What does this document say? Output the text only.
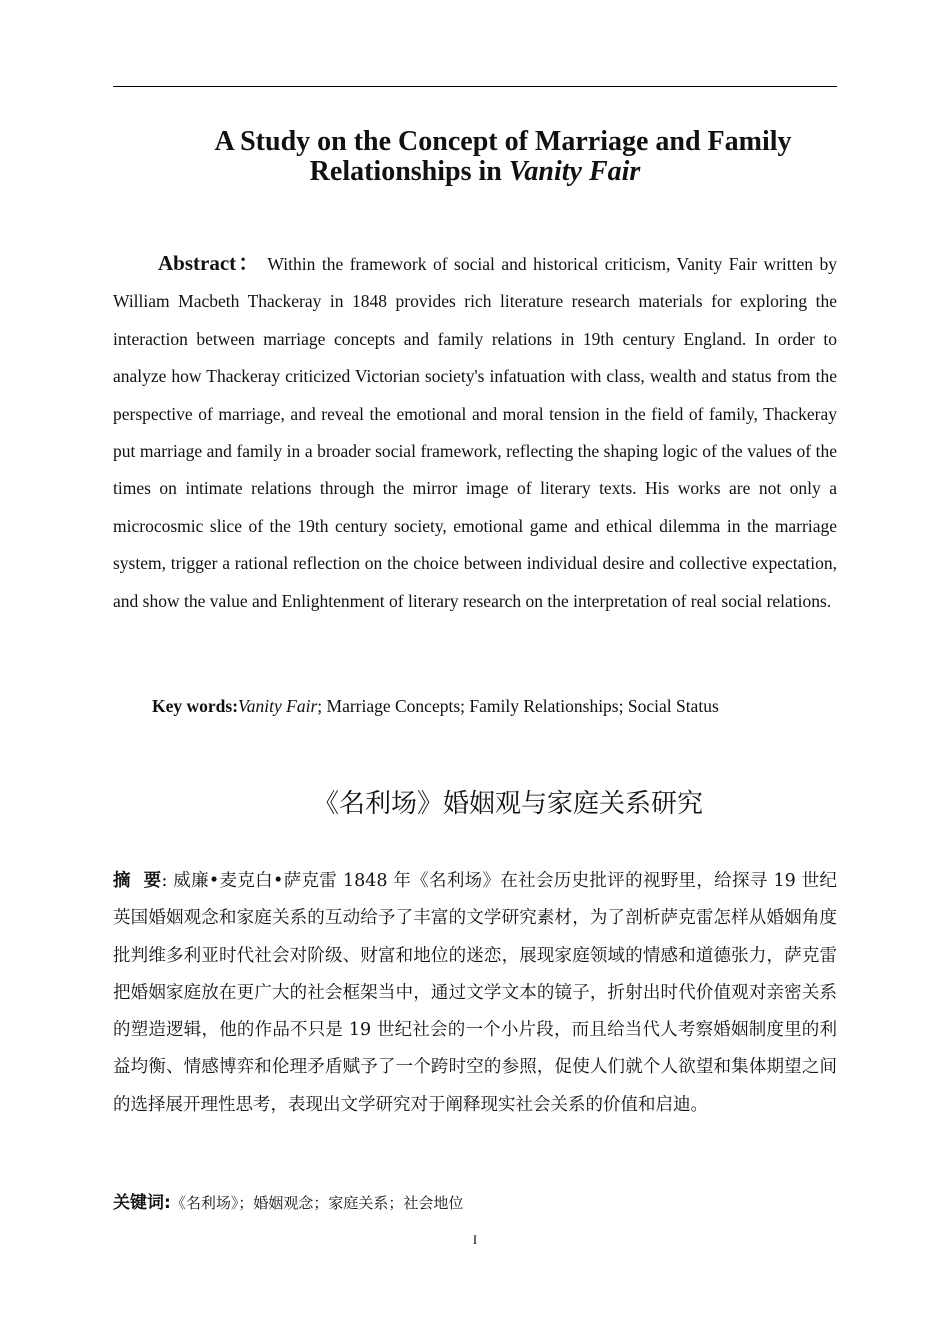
A Study on the Concept of Marriage and Family
Relationships in Vanity Fair
Abstract： Within the framework of social and historical criticism, Vanity Fair written by William Macbeth Thackeray in 1848 provides rich literature research materials for exploring the interaction between marriage concepts and family relations in 19th century England. In order to analyze how Thackeray criticized Victorian society's infatuation with class, wealth and status from the perspective of marriage, and reveal the emotional and moral tension in the field of family, Thackeray put marriage and family in a broader social framework, reflecting the shaping logic of the values of the times on intimate relations through the mirror image of literary texts. His works are not only a microcosmic slice of the 19th century society, emotional game and ethical dilemma in the marriage system, trigger a rational reflection on the choice between individual desire and collective expectation, and show the value and Enlightenment of literary research on the interpretation of real social relations.
Key words:Vanity Fair; Marriage Concepts; Family Relationships; Social Status
《名利场》婚姻观与家庭关系研究
摘  要: 威廉•麦克白•萨克雷 1848 年《名利场》在社会历史批评的视野里，给探寻 19 世纪英国婚姻观念和家庭关系的互动给予了丰富的文学研究素材，为了剖析萨克雷怎样从婚姻角度批判维多利亚时代社会对阶级、财富和地位的迷恋，展现家庭领域的情感和道德张力，萨克雷把婚姻家庭放在更广大的社会框架当中，通过文学文本的镜子，折射出时代价值观对亲密关系的塑造逻辑，他的作品不只是 19 世纪社会的一个小片段，而且给当代人考察婚姻制度里的利益均衡、情感博弈和伦理矛盾赋予了一个跨时空的参照，促使人们就个人欲望和集体期望之间的选择展开理性思考，表现出文学研究对于阐释现实社会关系的价值和启迪。
关键词:《名利场》；婚姻观念；家庭关系；社会地位
I
